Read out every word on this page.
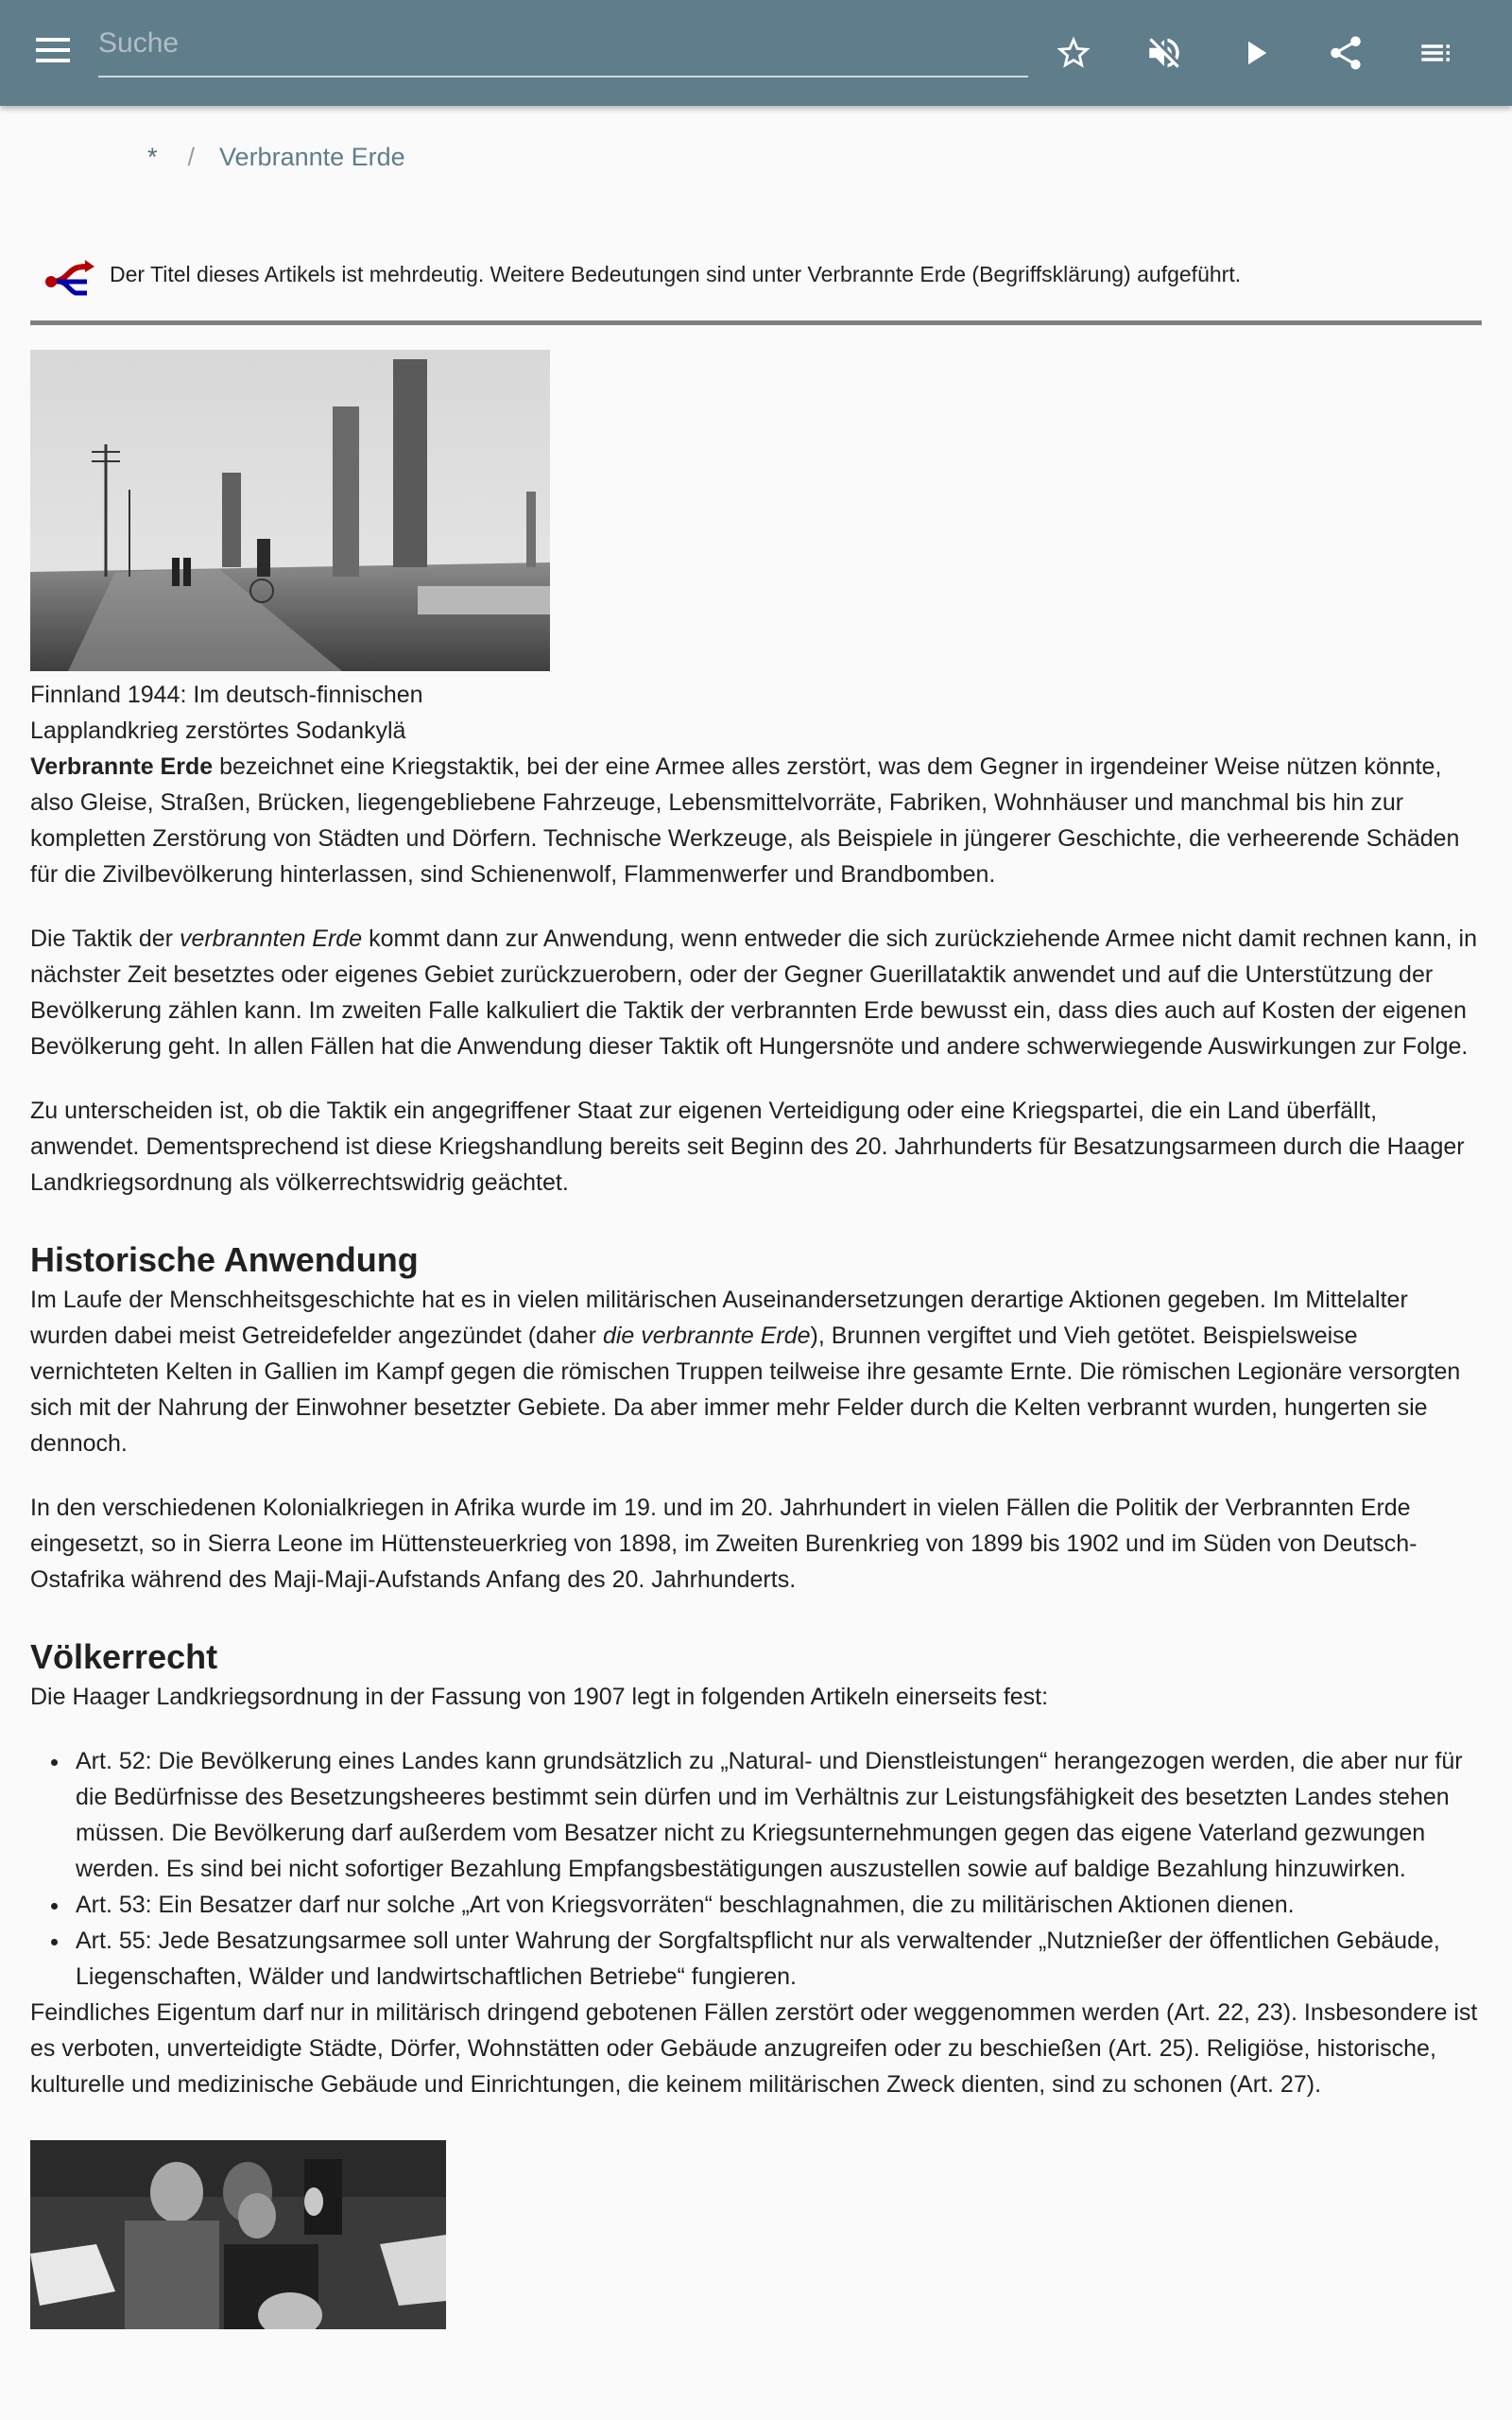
Suche
* / Verbrannte Erde
Der Titel dieses Artikels ist mehrdeutig. Weitere Bedeutungen sind unter Verbrannte Erde (Begriffsklärung) aufgeführt.
Finnland 1944: Im deutsch-finnischen Lapplandkrieg zerstörtes Sodankylä

Verbrannte Erde bezeichnet eine Kriegstaktik, bei der eine Armee alles zerstört, was dem Gegner in irgendeiner Weise nützen könnte, also Gleise, Straßen, Brücken, liegengebliebene Fahrzeuge, Lebensmittelvorräte, Fabriken, Wohnhäuser und manchmal bis hin zur kompletten Zerstörung von Städten und Dörfern. Technische Werkzeuge, als Beispiele in jüngerer Geschichte, die verheerende Schäden für die Zivilbevölkerung hinterlassen, sind Schienenwolf, Flammenwerfer und Brandbomben.

Die Taktik der verbrannten Erde kommt dann zur Anwendung, wenn entweder die sich zurückziehende Armee nicht damit rechnen kann, in nächster Zeit besetztes oder eigenes Gebiet zurückzuerobern, oder der Gegner Guerillataktik anwendet und auf die Unterstützung der Bevölkerung zählen kann. Im zweiten Falle kalkuliert die Taktik der verbrannten Erde bewusst ein, dass dies auch auf Kosten der eigenen Bevölkerung geht. In allen Fällen hat die Anwendung dieser Taktik oft Hungersnöte und andere schwerwiegende Auswirkungen zur Folge.

Zu unterscheiden ist, ob die Taktik ein angegriffener Staat zur eigenen Verteidigung oder eine Kriegspartei, die ein Land überfällt, anwendet. Dementsprechend ist diese Kriegshandlung bereits seit Beginn des 20. Jahrhunderts für Besatzungsarmeen durch die Haager Landkriegsordnung als völkerrechtswidrig geächtet.

Historische Anwendung

Im Laufe der Menschheitsgeschichte hat es in vielen militärischen Auseinandersetzungen derartige Aktionen gegeben. Im Mittelalter wurden dabei meist Getreidefelder angezündet (daher die verbrannte Erde), Brunnen vergiftet und Vieh getötet. Beispielsweise vernichteten Kelten in Gallien im Kampf gegen die römischen Truppen teilweise ihre gesamte Ernte. Die römischen Legionäre versorgten sich mit der Nahrung der Einwohner besetzter Gebiete. Da aber immer mehr Felder durch die Kelten verbrannt wurden, hungerten sie dennoch.

In den verschiedenen Kolonialkriegen in Afrika wurde im 19. und im 20. Jahrhundert in vielen Fällen die Politik der Verbrannten Erde eingesetzt, so in Sierra Leone im Hüttensteuerkrieg von 1898, im Zweiten Burenkrieg von 1899 bis 1902 und im Süden von Deutsch-Ostafrika während des Maji-Maji-Aufstands Anfang des 20. Jahrhunderts.

Völkerrecht

Die Haager Landkriegsordnung in der Fassung von 1907 legt in folgenden Artikeln einerseits fest:

Art. 52: Die Bevölkerung eines Landes kann grundsätzlich zu „Natural- und Dienstleistungen“ herangezogen werden, die aber nur für die Bedürfnisse des Besetzungsheeres bestimmt sein dürfen und im Verhältnis zur Leistungsfähigkeit des besetzten Landes stehen müssen. Die Bevölkerung darf außerdem vom Besatzer nicht zu Kriegsunternehmungen gegen das eigene Vaterland gezwungen werden. Es sind bei nicht sofortiger Bezahlung Empfangsbestätigungen auszustellen sowie auf baldige Bezahlung hinzuwirken.
Art. 53: Ein Besatzer darf nur solche „Art von Kriegsvorräten“ beschlagnahmen, die zu militärischen Aktionen dienen.
Art. 55: Jede Besatzungsarmee soll unter Wahrung der Sorgfaltspflicht nur als verwaltender „Nutznießer der öffentlichen Gebäude, Liegenschaften, Wälder und landwirtschaftlichen Betriebe“ fungieren.

Feindliches Eigentum darf nur in militärisch dringend gebotenen Fällen zerstört oder weggenommen werden (Art. 22, 23). Insbesondere ist es verboten, unverteidigte Städte, Dörfer, Wohnstätten oder Gebäude anzugreifen oder zu beschießen (Art. 25). Religiöse, historische, kulturelle und medizinische Gebäude und Einrichtungen, die keinem militärischen Zweck dienten, sind zu schonen (Art. 27).
